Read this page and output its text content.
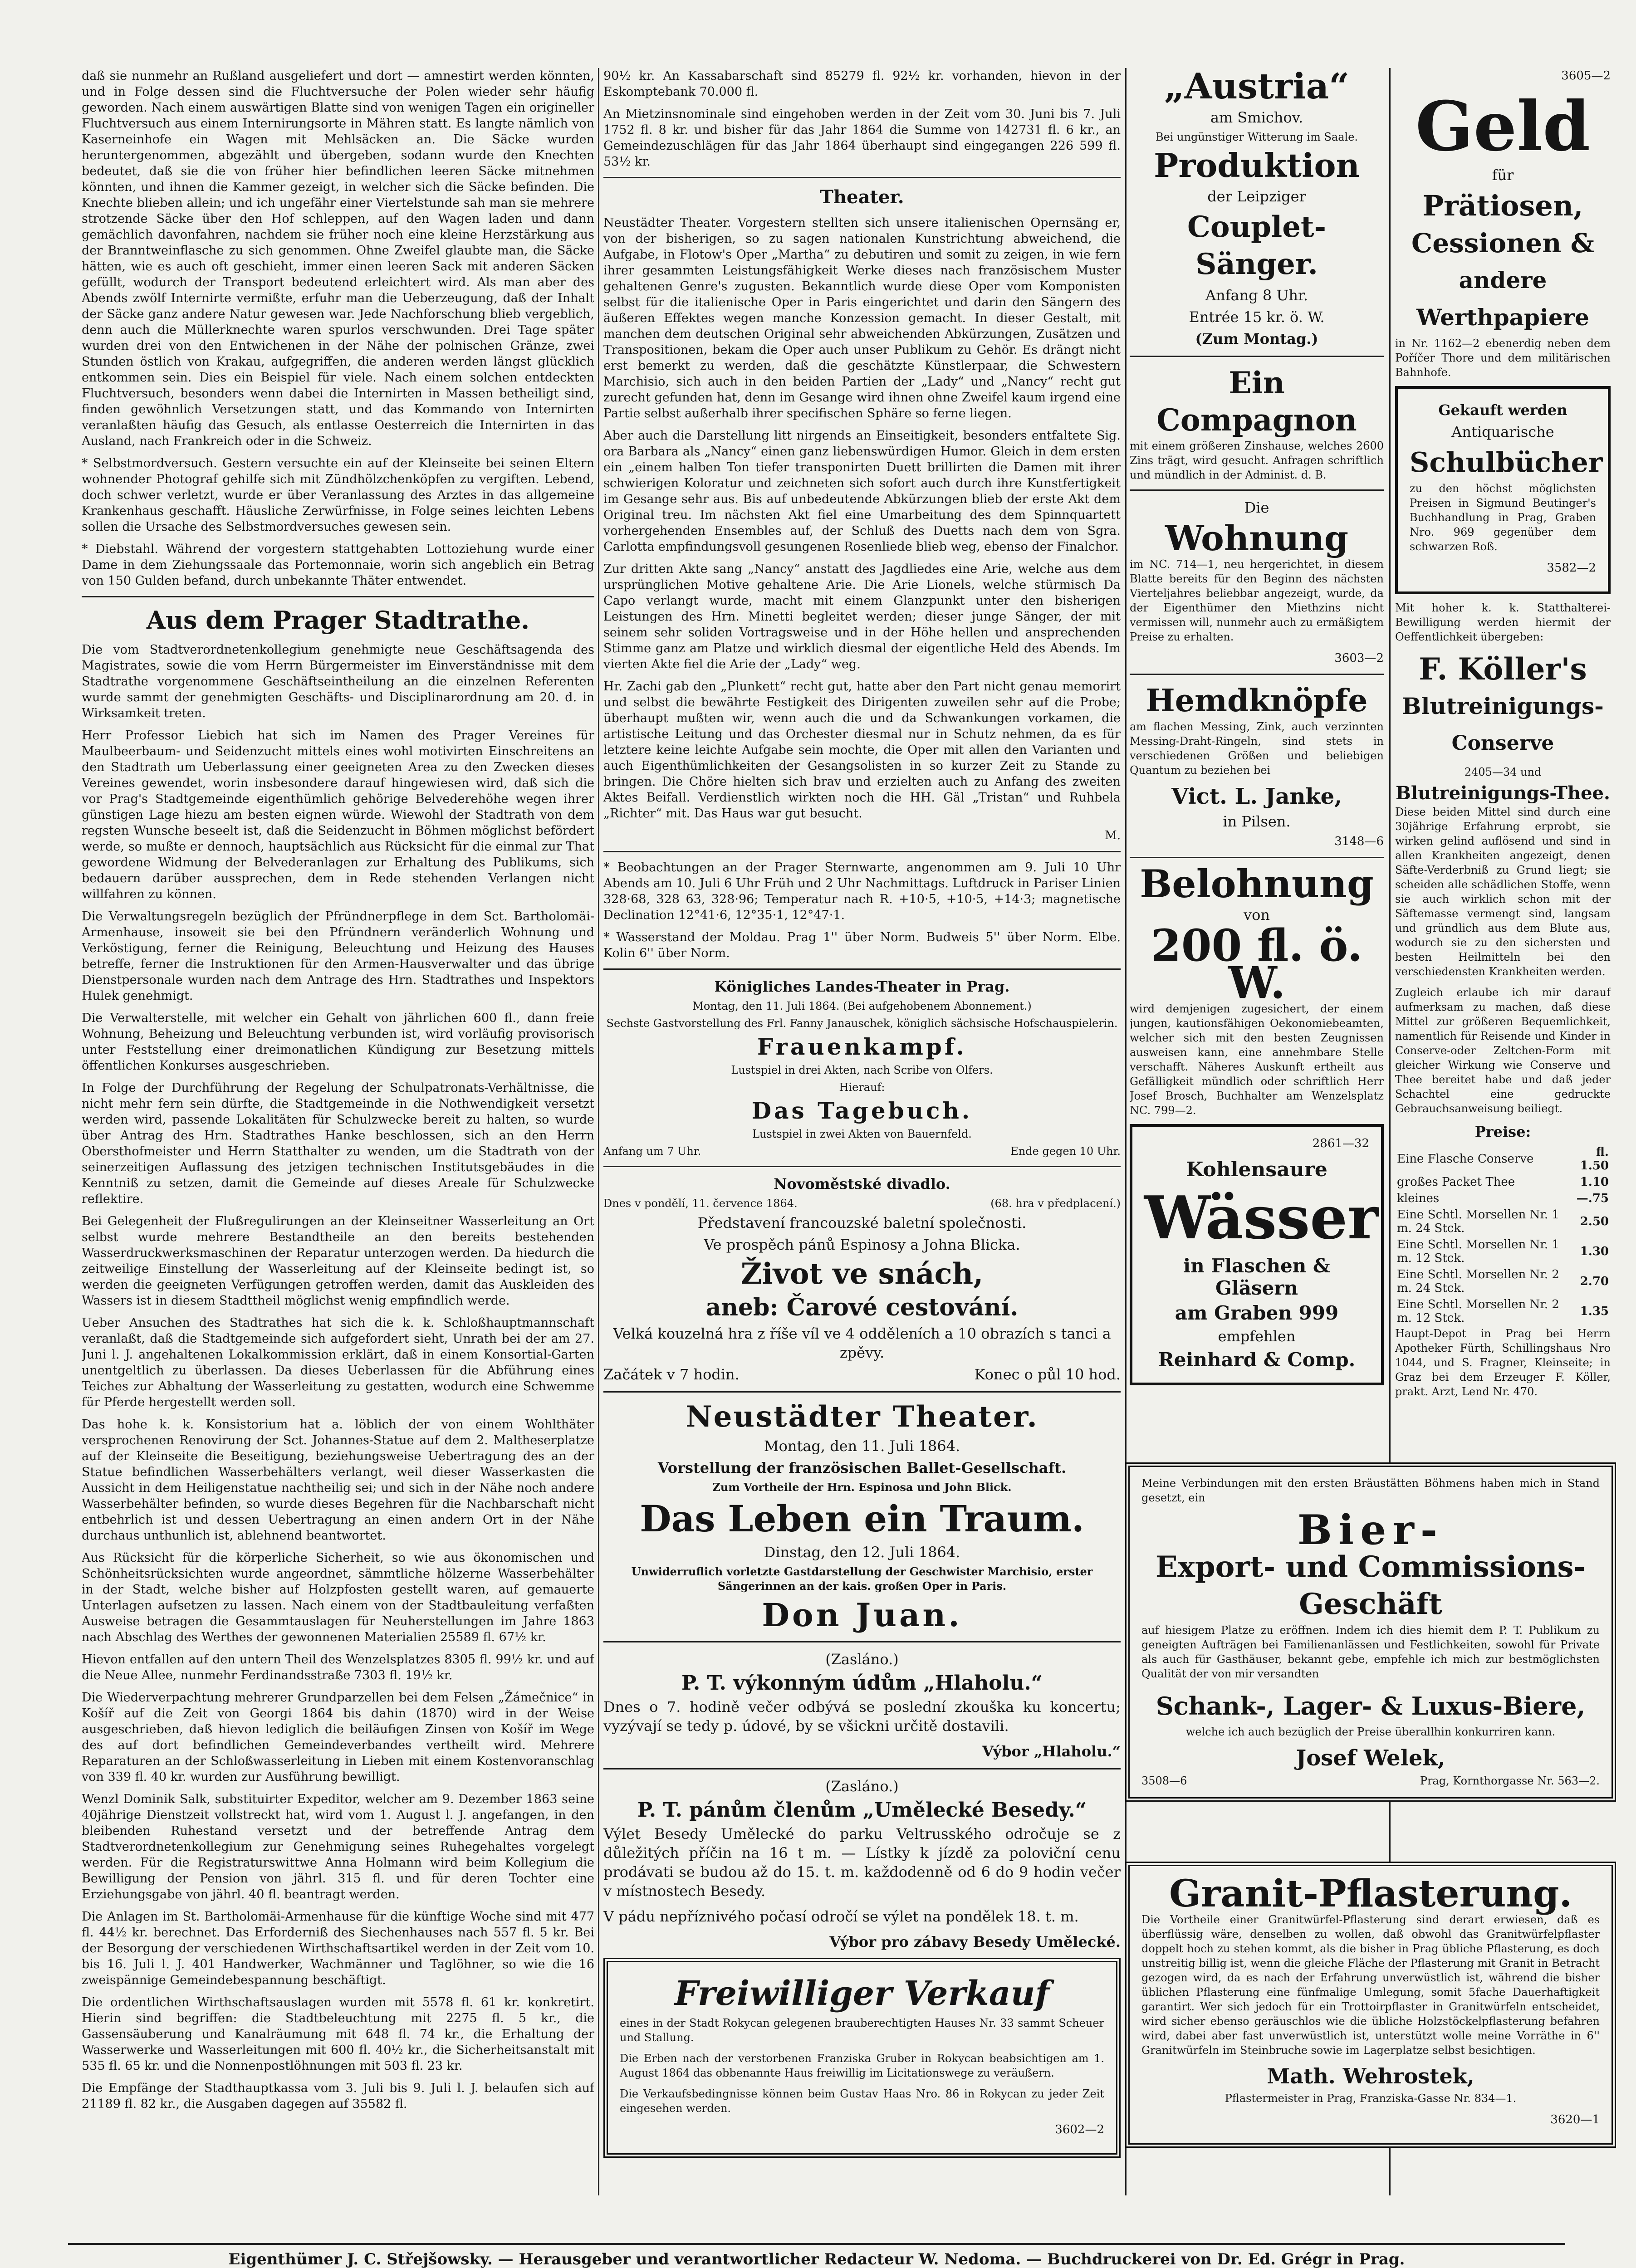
daß sie nunmehr an Rußland ausgeliefert und dort — amnestirt werden könnten, und in Folge dessen sind die Fluchtversuche der Polen wieder sehr häufig geworden. Nach einem auswärtigen Blatte sind von wenigen Tagen ein origineller Fluchtversuch aus einem Internirungsorte in Mähren statt. Es langte nämlich von Kaserneinhofe ein Wagen mit Mehlsäcken an. Die Säcke wurden heruntergenommen, abgezählt und übergeben, sodann wurde den Knechten bedeutet, daß sie die von früher hier befindlichen leeren Säcke mitnehmen könnten, und ihnen die Kammer gezeigt, in welcher sich die Säcke befinden. Die Knechte blieben allein; und ich ungefähr einer Viertelstunde sah man sie mehrere strotzende Säcke über den Hof schleppen, auf den Wagen laden und dann gemächlich davonfahren, nachdem sie früher noch eine kleine Herzstärkung aus der Branntweinflasche zu sich genommen. Ohne Zweifel glaubte man, die Säcke hätten, wie es auch oft geschieht, immer einen leeren Sack mit anderen Säcken gefüllt, wodurch der Transport bedeutend erleichtert wird. Als man aber des Abends zwölf Internirte vermißte, erfuhr man die Ueberzeugung, daß der Inhalt der Säcke ganz andere Natur gewesen war. Jede Nachforschung blieb vergeblich, denn auch die Müllerknechte waren spurlos verschwunden. Drei Tage später wurden drei von den Entwichenen in der Nähe der polnischen Gränze, zwei Stunden östlich von Krakau, aufgegriffen, die anderen werden längst glücklich entkommen sein. Dies ein Beispiel für viele. Nach einem solchen entdeckten Fluchtversuch, besonders wenn dabei die Internirten in Massen betheiligt sind, finden gewöhnlich Versetzungen statt, und das Kommando von Internirten veranlaßten häufig das Gesuch, als entlasse Oesterreich die Internirten in das Ausland, nach Frankreich oder in die Schweiz.

* Selbstmordversuch. Gestern versuchte ein auf der Kleinseite bei seinen Eltern wohnender Photograf gehilfe sich mit Zündhölzchenköpfen zu vergiften. Lebend, doch schwer verletzt, wurde er über Veranlassung des Arztes in das allgemeine Krankenhaus geschafft. Häusliche Zerwürfnisse, in Folge seines leichten Lebens sollen die Ursache des Selbstmordversuches gewesen sein.

* Diebstahl. Während der vorgestern stattgehabten Lottoziehung wurde einer Dame in dem Ziehungssaale das Portemonnaie, worin sich angeblich ein Betrag von 150 Gulden befand, durch unbekannte Thäter entwendet.

Aus dem Prager Stadtrathe.

Die vom Stadtverordnetenkollegium genehmigte neue Geschäftsagenda des Magistrates, sowie die vom Herrn Bürgermeister im Einverständnisse mit dem Stadtrathe vorgenommene Geschäftseintheilung an die einzelnen Referenten wurde sammt der genehmigten Geschäfts- und Disciplinarordnung am 20. d. in Wirksamkeit treten.

Herr Professor Liebich hat sich im Namen des Prager Vereines für Maulbeerbaum- und Seidenzucht mittels eines wohl motivirten Einschreitens an den Stadtrath um Ueberlassung einer geeigneten Area zu den Zwecken dieses Vereines gewendet, worin insbesondere darauf hingewiesen wird, daß sich die vor Prag's Stadtgemeinde eigenthümlich gehörige Belvederehöhe wegen ihrer günstigen Lage hiezu am besten eignen würde. Wiewohl der Stadtrath von dem regsten Wunsche beseelt ist, daß die Seidenzucht in Böhmen möglichst befördert werde, so mußte er dennoch, hauptsächlich aus Rücksicht für die einmal zur That gewordene Widmung der Belvederanlagen zur Erhaltung des Publikums, sich bedauern darüber aussprechen, dem in Rede stehenden Verlangen nicht willfahren zu können.

Die Verwaltungsregeln bezüglich der Pfründnerpflege in dem Sct. Bartholomäi-Armenhause, insoweit sie bei den Pfründnern veränderlich Wohnung und Verköstigung, ferner die Reinigung, Beleuchtung und Heizung des Hauses betreffe, ferner die Instruktionen für den Armen-Hausverwalter und das übrige Dienstpersonale wurden nach dem Antrage des Hrn. Stadtrathes und Inspektors Hulek genehmigt.

Die Verwalterstelle, mit welcher ein Gehalt von jährlichen 600 fl., dann freie Wohnung, Beheizung und Beleuchtung verbunden ist, wird vorläufig provisorisch unter Feststellung einer dreimonatlichen Kündigung zur Besetzung mittels öffentlichen Konkurses ausgeschrieben.

In Folge der Durchführung der Regelung der Schulpatronats-Verhältnisse, die nicht mehr fern sein dürfte, die Stadtgemeinde in die Nothwendigkeit versetzt werden wird, passende Lokalitäten für Schulzwecke bereit zu halten, so wurde über Antrag des Hrn. Stadtrathes Hanke beschlossen, sich an den Herrn Obersthofmeister und Herrn Statthalter zu wenden, um die Stadtrath von der seinerzeitigen Auflassung des jetzigen technischen Institutsgebäudes in die Kenntniß zu setzen, damit die Gemeinde auf dieses Areale für Schulzwecke reflektire.

Bei Gelegenheit der Flußregulirungen an der Kleinseitner Wasserleitung an Ort selbst wurde mehrere Bestandtheile an den bereits bestehenden Wasserdruckwerksmaschinen der Reparatur unterzogen werden. Da hiedurch die zeitweilige Einstellung der Wasserleitung auf der Kleinseite bedingt ist, so werden die geeigneten Verfügungen getroffen werden, damit das Auskleiden des Wassers ist in diesem Stadttheil möglichst wenig empfindlich werde.

Ueber Ansuchen des Stadtrathes hat sich die k. k. Schloßhauptmannschaft veranlaßt, daß die Stadtgemeinde sich aufgefordert sieht, Unrath bei der am 27. Juni l. J. angehaltenen Lokalkommission erklärt, daß in einem Konsortial-Garten unentgeltlich zu überlassen. Da dieses Ueberlassen für die Abführung eines Teiches zur Abhaltung der Wasserleitung zu gestatten, wodurch eine Schwemme für Pferde hergestellt werden soll.

Das hohe k. k. Konsistorium hat a. löblich der von einem Wohlthäter versprochenen Renovirung der Sct. Johannes-Statue auf dem 2. Maltheserplatze auf der Kleinseite die Beseitigung, beziehungsweise Uebertragung des an der Statue befindlichen Wasserbehälters verlangt, weil dieser Wasserkasten die Aussicht in dem Heiligenstatue nachtheilig sei; und sich in der Nähe noch andere Wasserbehälter befinden, so wurde dieses Begehren für die Nachbarschaft nicht entbehrlich ist und dessen Uebertragung an einen andern Ort in der Nähe durchaus unthunlich ist, ablehnend beantwortet.

Aus Rücksicht für die körperliche Sicherheit, so wie aus ökonomischen und Schönheitsrücksichten wurde angeordnet, sämmtliche hölzerne Wasserbehälter in der Stadt, welche bisher auf Holzpfosten gestellt waren, auf gemauerte Unterlagen aufsetzen zu lassen. Nach einem von der Stadtbauleitung verfaßten Ausweise betragen die Gesammtauslagen für Neuherstellungen im Jahre 1863 nach Abschlag des Werthes der gewonnenen Materialien 25589 fl. 67½ kr.

Hievon entfallen auf den untern Theil des Wenzelsplatzes 8305 fl. 99½ kr. und auf die Neue Allee, nunmehr Ferdinandsstraße 7303 fl. 19½ kr.

Die Wiederverpachtung mehrerer Grundparzellen bei dem Felsen „Žámečnice“ in Košíř auf die Zeit von Georgi 1864 bis dahin (1870) wird in der Weise ausgeschrieben, daß hievon lediglich die beiläufigen Zinsen von Košíř im Wege des auf dort befindlichen Gemeindeverbandes vertheilt wird. Mehrere Reparaturen an der Schloßwasserleitung in Lieben mit einem Kostenvoranschlag von 339 fl. 40 kr. wurden zur Ausführung bewilligt.

Wenzl Dominik Salk, substituirter Expeditor, welcher am 9. Dezember 1863 seine 40jährige Dienstzeit vollstreckt hat, wird vom 1. August l. J. angefangen, in den bleibenden Ruhestand versetzt und der betreffende Antrag dem Stadtverordnetenkollegium zur Genehmigung seines Ruhegehaltes vorgelegt werden. Für die Registraturswittwe Anna Holmann wird beim Kollegium die Bewilligung der Pension von jährl. 315 fl. und für deren Tochter eine Erziehungsgabe von jährl. 40 fl. beantragt werden.

Die Anlagen im St. Bartholomäi-Armenhause für die künftige Woche sind mit 477 fl. 44½ kr. berechnet. Das Erforderniß des Siechenhauses nach 557 fl. 5 kr. Bei der Besorgung der verschiedenen Wirthschaftsartikel werden in der Zeit vom 10. bis 16. Juli l. J. 401 Handwerker, Wachmänner und Taglöhner, so wie die 16 zweispännige Gemeindebespannung beschäftigt.

Die ordentlichen Wirthschaftsauslagen wurden mit 5578 fl. 61 kr. konkretirt. Hierin sind begriffen: die Stadtbeleuchtung mit 2275 fl. 5 kr., die Gassensäuberung und Kanalräumung mit 648 fl. 74 kr., die Erhaltung der Wasserwerke und Wasserleitungen mit 600 fl. 40½ kr., die Sicherheitsanstalt mit 535 fl. 65 kr. und die Nonnenpostlöhnungen mit 503 fl. 23 kr.

Die Empfänge der Stadthauptkassa vom 3. Juli bis 9. Juli l. J. belaufen sich auf 21189 fl. 82 kr., die Ausgaben dagegen auf 35582 fl.

90½ kr. An Kassabarschaft sind 85279 fl. 92½ kr. vorhanden, hievon in der Eskomptebank 70.000 fl.

An Mietzinsnominale sind eingehoben werden in der Zeit vom 30. Juni bis 7. Juli 1752 fl. 8 kr. und bisher für das Jahr 1864 die Summe von 142731 fl. 6 kr., an Gemeindezuschlägen für das Jahr 1864 überhaupt sind eingegangen 226 599 fl. 53½ kr.

Theater.

Neustädter Theater. Vorgestern stellten sich unsere italienischen Opernsäng er, von der bisherigen, so zu sagen nationalen Kunstrichtung abweichend, die Aufgabe, in Flotow's Oper „Martha“ zu debutiren und somit zu zeigen, in wie fern ihrer gesammten Leistungsfähigkeit Werke dieses nach französischem Muster gehaltenen Genre's zugusten. Bekanntlich wurde diese Oper vom Komponisten selbst für die italienische Oper in Paris eingerichtet und darin den Sängern des äußeren Effektes wegen manche Konzession gemacht. In dieser Gestalt, mit manchen dem deutschen Original sehr abweichenden Abkürzungen, Zusätzen und Transpositionen, bekam die Oper auch unser Publikum zu Gehör. Es drängt nicht erst bemerkt zu werden, daß die geschätzte Künstlerpaar, die Schwestern Marchisio, sich auch in den beiden Partien der „Lady“ und „Nancy“ recht gut zurecht gefunden hat, denn im Gesange wird ihnen ohne Zweifel kaum irgend eine Partie selbst außerhalb ihrer specifischen Sphäre so ferne liegen.

Aber auch die Darstellung litt nirgends an Einseitigkeit, besonders entfaltete Sig. ora Barbara als „Nancy“ einen ganz liebenswürdigen Humor. Gleich in dem ersten ein „einem halben Ton tiefer transponirten Duett brillirten die Damen mit ihrer schwierigen Koloratur und zeichneten sich sofort auch durch ihre Kunstfertigkeit im Gesange sehr aus. Bis auf unbedeutende Abkürzungen blieb der erste Akt dem Original treu. Im nächsten Akt fiel eine Umarbeitung des dem Spinnquartett vorhergehenden Ensembles auf, der Schluß des Duetts nach dem von Sgra. Carlotta empfindungsvoll gesungenen Rosenliede blieb weg, ebenso der Finalchor.

Zur dritten Akte sang „Nancy“ anstatt des Jagdliedes eine Arie, welche aus dem ursprünglichen Motive gehaltene Arie. Die Arie Lionels, welche stürmisch Da Capo verlangt wurde, macht mit einem Glanzpunkt unter den bisherigen Leistungen des Hrn. Minetti begleitet werden; dieser junge Sänger, der mit seinem sehr soliden Vortragsweise und in der Höhe hellen und ansprechenden Stimme ganz am Platze und wirklich diesmal der eigentliche Held des Abends. Im vierten Akte fiel die Arie der „Lady“ weg.

Hr. Zachi gab den „Plunkett“ recht gut, hatte aber den Part nicht genau memorirt und selbst die bewährte Festigkeit des Dirigenten zuweilen sehr auf die Probe; überhaupt mußten wir, wenn auch die und da Schwankungen vorkamen, die artistische Leitung und das Orchester diesmal nur in Schutz nehmen, da es für letztere keine leichte Aufgabe sein mochte, die Oper mit allen den Varianten und auch Eigenthümlichkeiten der Gesangsolisten in so kurzer Zeit zu Stande zu bringen. Die Chöre hielten sich brav und erzielten auch zu Anfang des zweiten Aktes Beifall. Verdienstlich wirkten noch die HH. Gäl „Tristan“ und Ruhbela „Richter“ mit. Das Haus war gut besucht.

M.

* Beobachtungen an der Prager Sternwarte, angenommen am 9. Juli 10 Uhr Abends am 10. Juli 6 Uhr Früh und 2 Uhr Nachmittags. Luftdruck in Pariser Linien 328·68, 328 63, 328·96; Temperatur nach R. +10·5, +10·5, +14·3; magnetische Declination 12°41·6, 12°35·1, 12°47·1.

* Wasserstand der Moldau. Prag 1'' über Norm. Budweis 5'' über Norm. Elbe. Kolin 6'' über Norm.

Königliches Landes-Theater in Prag.
Montag, den 11. Juli 1864. (Bei aufgehobenem Abonnement.)
Sechste Gastvorstellung des Frl. Fanny Janauschek, königlich sächsische Hofschauspielerin.
Frauenkampf.
Lustspiel in drei Akten, nach Scribe von Olfers.
Hierauf:
Das Tagebuch.
Lustspiel in zwei Akten von Bauernfeld.
Anfang um 7 Uhr.	Ende gegen 10 Uhr.
Novoměstské divadlo.
Dnes v pondělí, 11. července 1864.	(68. hra v předplacení.)
Představení francouzské baletní společnosti.
Ve prospěch pánů Espinosy a Johna Blicka.
Život ve snách,
aneb: Čarové cestování.
Velká kouzelná hra z říše víl ve 4 odděleních a 10 obrazích s tanci a zpěvy.
Začátek v 7 hodin.	Konec o půl 10 hod.
Neustädter Theater.
Montag, den 11. Juli 1864.
Vorstellung der französischen Ballet-Gesellschaft.
Zum Vortheile der Hrn. Espinosa und John Blick.
Das Leben ein Traum.
Dinstag, den 12. Juli 1864.
Unwiderruflich vorletzte Gastdarstellung der Geschwister Marchisio, erster Sängerinnen an der kais. großen Oper in Paris.
Don Juan.
(Zasláno.)
P. T. výkonným údům „Hlaholu.“

Dnes o 7. hodině večer odbývá se poslední zkouška ku koncertu; vyzývají se tedy p. údové, by se všickni určitě dostavili.

Výbor „Hlaholu.“

(Zasláno.)
P. T. pánům členům „Umělecké Besedy.“

Výlet Besedy Umělecké do parku Veltrusského odročuje se z důležitých příčin na 16 t m. — Lístky k jízdě za poloviční cenu prodávati se budou až do 15. t. m. každodenně od 6 do 9 hodin večer v místnostech Besedy.

V pádu nepříznivého počasí odročí se výlet na pondělek 18. t. m.

Výbor pro zábavy Besedy Umělecké.

Freiwilliger Verkauf

eines in der Stadt Rokycan gelegenen brauberechtigten Hauses Nr. 33 sammt Scheuer und Stallung.

Die Erben nach der verstorbenen Franziska Gruber in Rokycan beabsichtigen am 1. August 1864 das obbenannte Haus freiwillig im Licitationswege zu veräußern.

Die Verkaufsbedingnisse können beim Gustav Haas Nro. 86 in Rokycan zu jeder Zeit eingesehen werden.

3602—2

„Austria“
am Smichov.
Bei ungünstiger Witterung im Saale.
Produktion
der Leipziger
Couplet-Sänger.
Anfang 8 Uhr.
Entrée 15 kr. ö. W.
(Zum Montag.)
Ein Compagnon

mit einem größeren Zinshause, welches 2600 Zins trägt, wird gesucht. Anfragen schriftlich und mündlich in der Administ. d. B.

Die
Wohnung

im NC. 714—1, neu hergerichtet, in diesem Blatte bereits für den Beginn des nächsten Vierteljahres beliebbar angezeigt, wurde, da der Eigenthümer den Miethzins nicht vermissen will, nunmehr auch zu ermäßigtem Preise zu erhalten.

3603—2

Hemdknöpfe

am flachen Messing, Zink, auch verzinnten Messing-Draht-Ringeln, sind stets in verschiedenen Größen und beliebigen Quantum zu beziehen bei

Vict. L. Janke,
in Pilsen.

3148—6

Belohnung
von
200 fl. ö. W.

wird demjenigen zugesichert, der einem jungen, kautionsfähigen Oekonomiebeamten, welcher sich mit den besten Zeugnissen ausweisen kann, eine annehmbare Stelle verschafft. Näheres Auskunft ertheilt aus Gefälligkeit mündlich oder schriftlich Herr Josef Brosch, Buchhalter am Wenzelsplatz NC. 799—2.

2861—32

Kohlensaure
Wässer
in Flaschen & Gläsern
am Graben 999
empfehlen
Reinhard & Comp.

3605—2

Geld
für
Prätiosen,
Cessionen &
andere Werthpapiere

in Nr. 1162—2 ebenerdig neben dem Poříčer Thore und dem militärischen Bahnhofe.

Gekauft werden
Antiquarische
Schulbücher

zu den höchst möglichsten Preisen in Sigmund Beutinger's Buchhandlung in Prag, Graben Nro. 969 gegenüber dem schwarzen Roß.

3582—2

Mit hoher k. k. Statthalterei-Bewilligung werden hiermit der Oeffentlichkeit übergeben:

F. Köller's
Blutreinigungs-
Conserve
2405—34 und
Blutreinigungs-Thee.

Diese beiden Mittel sind durch eine 30jährige Erfahrung erprobt, sie wirken gelind auflösend und sind in allen Krankheiten angezeigt, denen Säfte-Verderbniß zu Grund liegt; sie scheiden alle schädlichen Stoffe, wenn sie auch wirklich schon mit der Säftemasse vermengt sind, langsam und gründlich aus dem Blute aus, wodurch sie zu den sichersten und besten Heilmitteln bei den verschiedensten Krankheiten werden.

Zugleich erlaube ich mir darauf aufmerksam zu machen, daß diese Mittel zur größeren Bequemlichkeit, namentlich für Reisende und Kinder in Conserve-oder Zeltchen-Form mit gleicher Wirkung wie Conserve und Thee bereitet habe und daß jeder Schachtel eine gedruckte Gebrauchsanweisung beiliegt.

Preise:
Eine Flasche Conserve	fl. 1.50
großes Packet Thee	1.10
kleines	—.75
Eine Schtl. Morsellen Nr. 1 m. 24 Stck.	2.50
Eine Schtl. Morsellen Nr. 1 m. 12 Stck.	1.30
Eine Schtl. Morsellen Nr. 2 m. 24 Stck.	2.70
Eine Schtl. Morsellen Nr. 2 m. 12 Stck.	1.35

Haupt-Depot in Prag bei Herrn Apotheker Fürth, Schillingshaus Nro 1044, und S. Fragner, Kleinseite; in Graz bei dem Erzeuger F. Köller, prakt. Arzt, Lend Nr. 470.

Meine Verbindungen mit den ersten Bräustätten Böhmens haben mich in Stand gesetzt, ein

Bier-
Export- und Commissions-
Geschäft

auf hiesigem Platze zu eröffnen. Indem ich dies hiemit dem P. T. Publikum zu geneigten Aufträgen bei Familienanlässen und Festlichkeiten, sowohl für Private als auch für Gasthäuser, bekannt gebe, empfehle ich mich zur bestmöglichsten Qualität der von mir versandten

Schank-, Lager- & Luxus-Biere,

welche ich auch bezüglich der Preise überallhin konkurriren kann.

Josef Welek,
3508—6	Prag, Kornthorgasse Nr. 563—2.
Granit-Pflasterung.

Die Vortheile einer Granitwürfel-Pflasterung sind derart erwiesen, daß es überflüssig wäre, denselben zu wollen, daß obwohl das Granitwürfelpflaster doppelt hoch zu stehen kommt, als die bisher in Prag übliche Pflasterung, es doch unstreitig billig ist, wenn die gleiche Fläche der Pflasterung mit Granit in Betracht gezogen wird, da es nach der Erfahrung unverwüstlich ist, während die bisher üblichen Pflasterung eine fünfmalige Umlegung, somit 5fache Dauerhaftigkeit garantirt. Wer sich jedoch für ein Trottoirpflaster in Granitwürfeln entscheidet, wird sicher ebenso geräuschlos wie die übliche Holzstöckelpflasterung befahren wird, dabei aber fast unverwüstlich ist, unterstützt wolle meine Vorräthe in 6'' Granitwürfeln im Steinbruche sowie im Lagerplatze selbst besichtigen.

Math. Wehrostek,

Pflastermeister in Prag, Franziska-Gasse Nr. 834—1.

3620—1

Eigenthümer J. C. Střejšowsky. — Herausgeber und verantwortlicher Redacteur W. Nedoma. — Buchdruckerei von Dr. Ed. Grégr in Prag.
